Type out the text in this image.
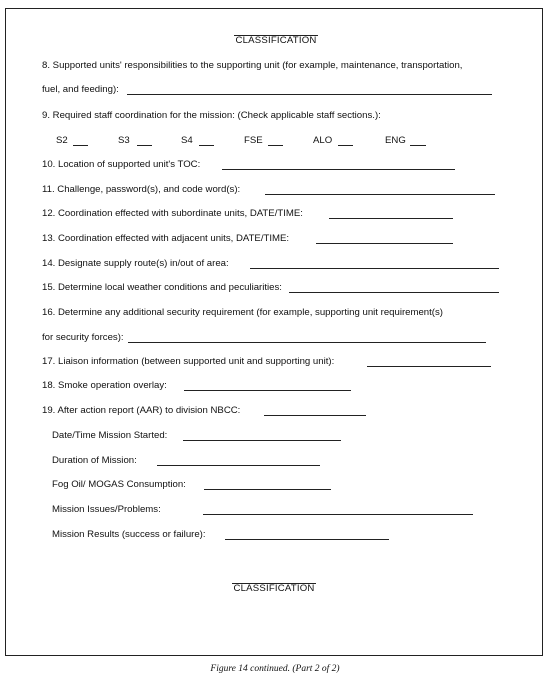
CLASSIFICATION
8. Supported units' responsibilities to the supporting unit (for example, maintenance, transportation,
fuel, and feeding):
9. Required staff coordination for the mission: (Check applicable staff sections.):
S2	S3	S4	FSE	ALO	ENG
10. Location of supported unit's TOC:
11. Challenge, password(s), and code word(s):
12. Coordination effected with subordinate units, DATE/TIME:
13. Coordination effected with adjacent units, DATE/TIME:
14. Designate supply route(s) in/out of area:
15. Determine local weather conditions and peculiarities:
16. Determine any additional security requirement (for example, supporting unit requirement(s)
for security forces):
17. Liaison information (between supported unit and supporting unit):
18. Smoke operation overlay:
19. After action report (AAR) to division NBCC:
Date/Time Mission Started:
Duration of Mission:
Fog Oil/ MOGAS Consumption:
Mission Issues/Problems:
Mission Results (success or failure):
CLASSIFICATION
Figure 14 continued. (Part 2 of 2)
